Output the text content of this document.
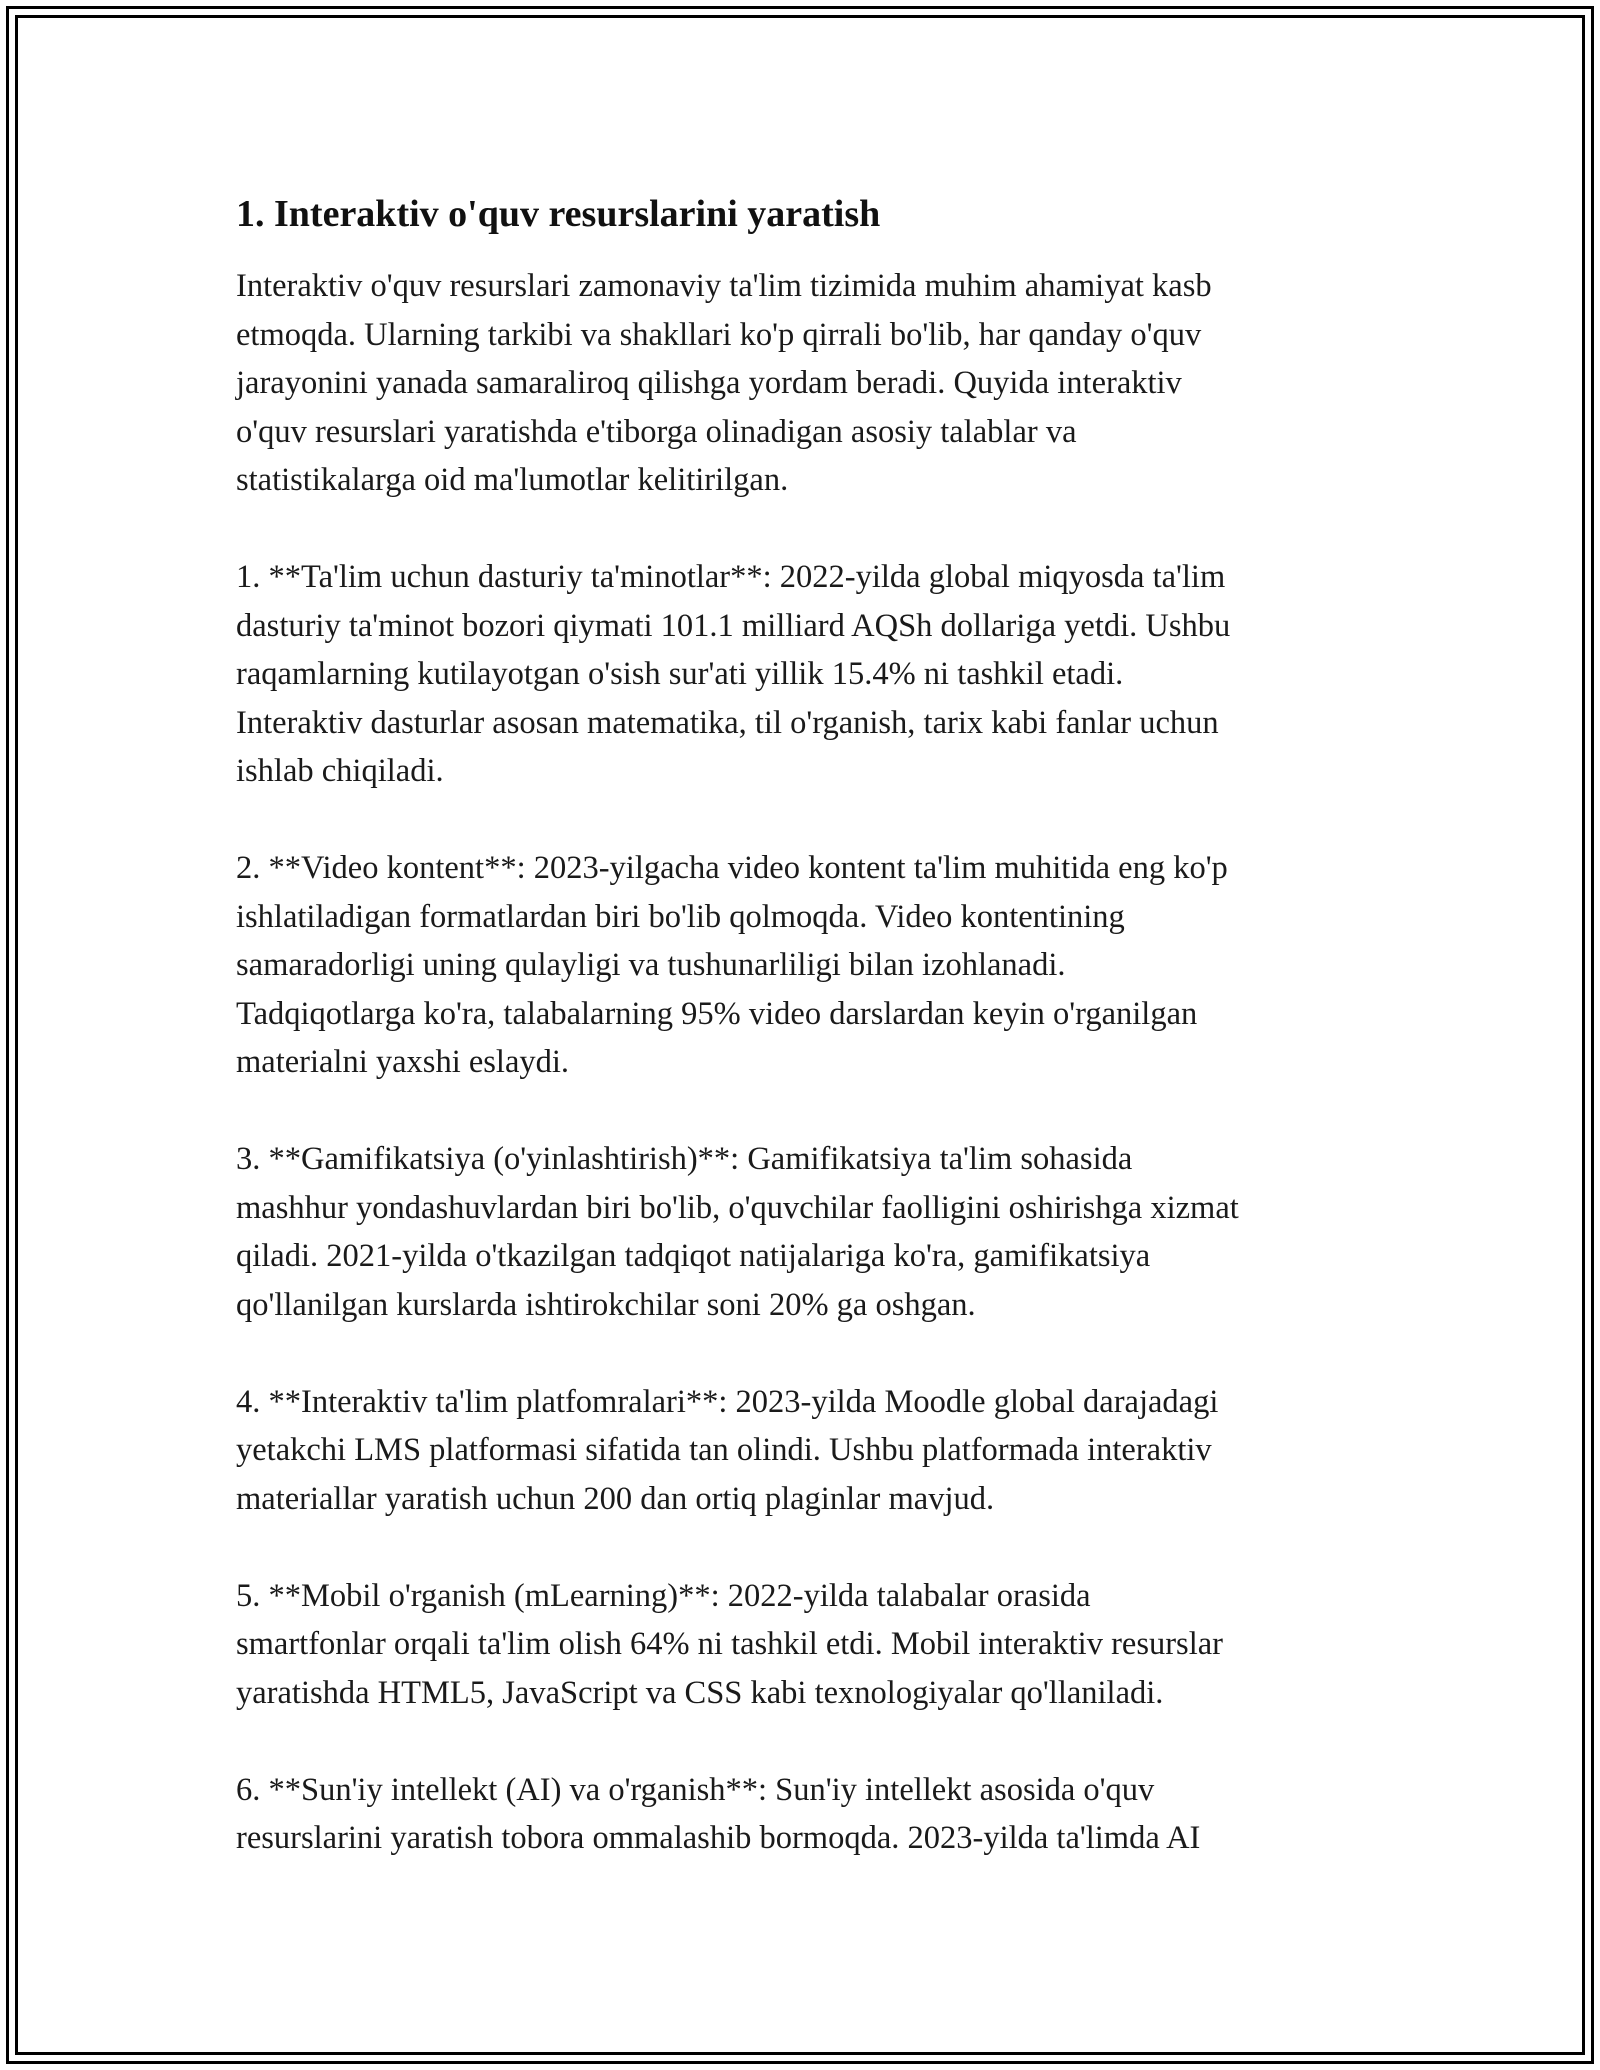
1. Interaktiv o'quv resurslarini yaratish

Interaktiv o'quv resurslari zamonaviy ta'lim tizimida muhim ahamiyat kasb
etmoqda. Ularning tarkibi va shakllari ko'p qirrali bo'lib, har qanday o'quv
jarayonini yanada samaraliroq qilishga yordam beradi. Quyida interaktiv
o'quv resurslari yaratishda e'tiborga olinadigan asosiy talablar va
statistikalarga oid ma'lumotlar kelitirilgan.

1. **Ta'lim uchun dasturiy ta'minotlar**: 2022-yilda global miqyosda ta'lim
dasturiy ta'minot bozori qiymati 101.1 milliard AQSh dollariga yetdi. Ushbu
raqamlarning kutilayotgan o'sish sur'ati yillik 15.4% ni tashkil etadi.
Interaktiv dasturlar asosan matematika, til o'rganish, tarix kabi fanlar uchun
ishlab chiqiladi.

2. **Video kontent**: 2023-yilgacha video kontent ta'lim muhitida eng ko'p
ishlatiladigan formatlardan biri bo'lib qolmoqda. Video kontentining
samaradorligi uning qulayligi va tushunarliligi bilan izohlanadi.
Tadqiqotlarga ko'ra, talabalarning 95% video darslardan keyin o'rganilgan
materialni yaxshi eslaydi.

3. **Gamifikatsiya (o'yinlashtirish)**: Gamifikatsiya ta'lim sohasida
mashhur yondashuvlardan biri bo'lib, o'quvchilar faolligini oshirishga xizmat
qiladi. 2021-yilda o'tkazilgan tadqiqot natijalariga ko'ra, gamifikatsiya
qo'llanilgan kurslarda ishtirokchilar soni 20% ga oshgan.

4. **Interaktiv ta'lim platfomralari**: 2023-yilda Moodle global darajadagi
yetakchi LMS platformasi sifatida tan olindi. Ushbu platformada interaktiv
materiallar yaratish uchun 200 dan ortiq plaginlar mavjud.

5. **Mobil o'rganish (mLearning)**: 2022-yilda talabalar orasida
smartfonlar orqali ta'lim olish 64% ni tashkil etdi. Mobil interaktiv resurslar
yaratishda HTML5, JavaScript va CSS kabi texnologiyalar qo'llaniladi.

6. **Sun'iy intellekt (AI) va o'rganish**: Sun'iy intellekt asosida o'quv
resurslarini yaratish tobora ommalashib bormoqda. 2023-yilda ta'limda AI
